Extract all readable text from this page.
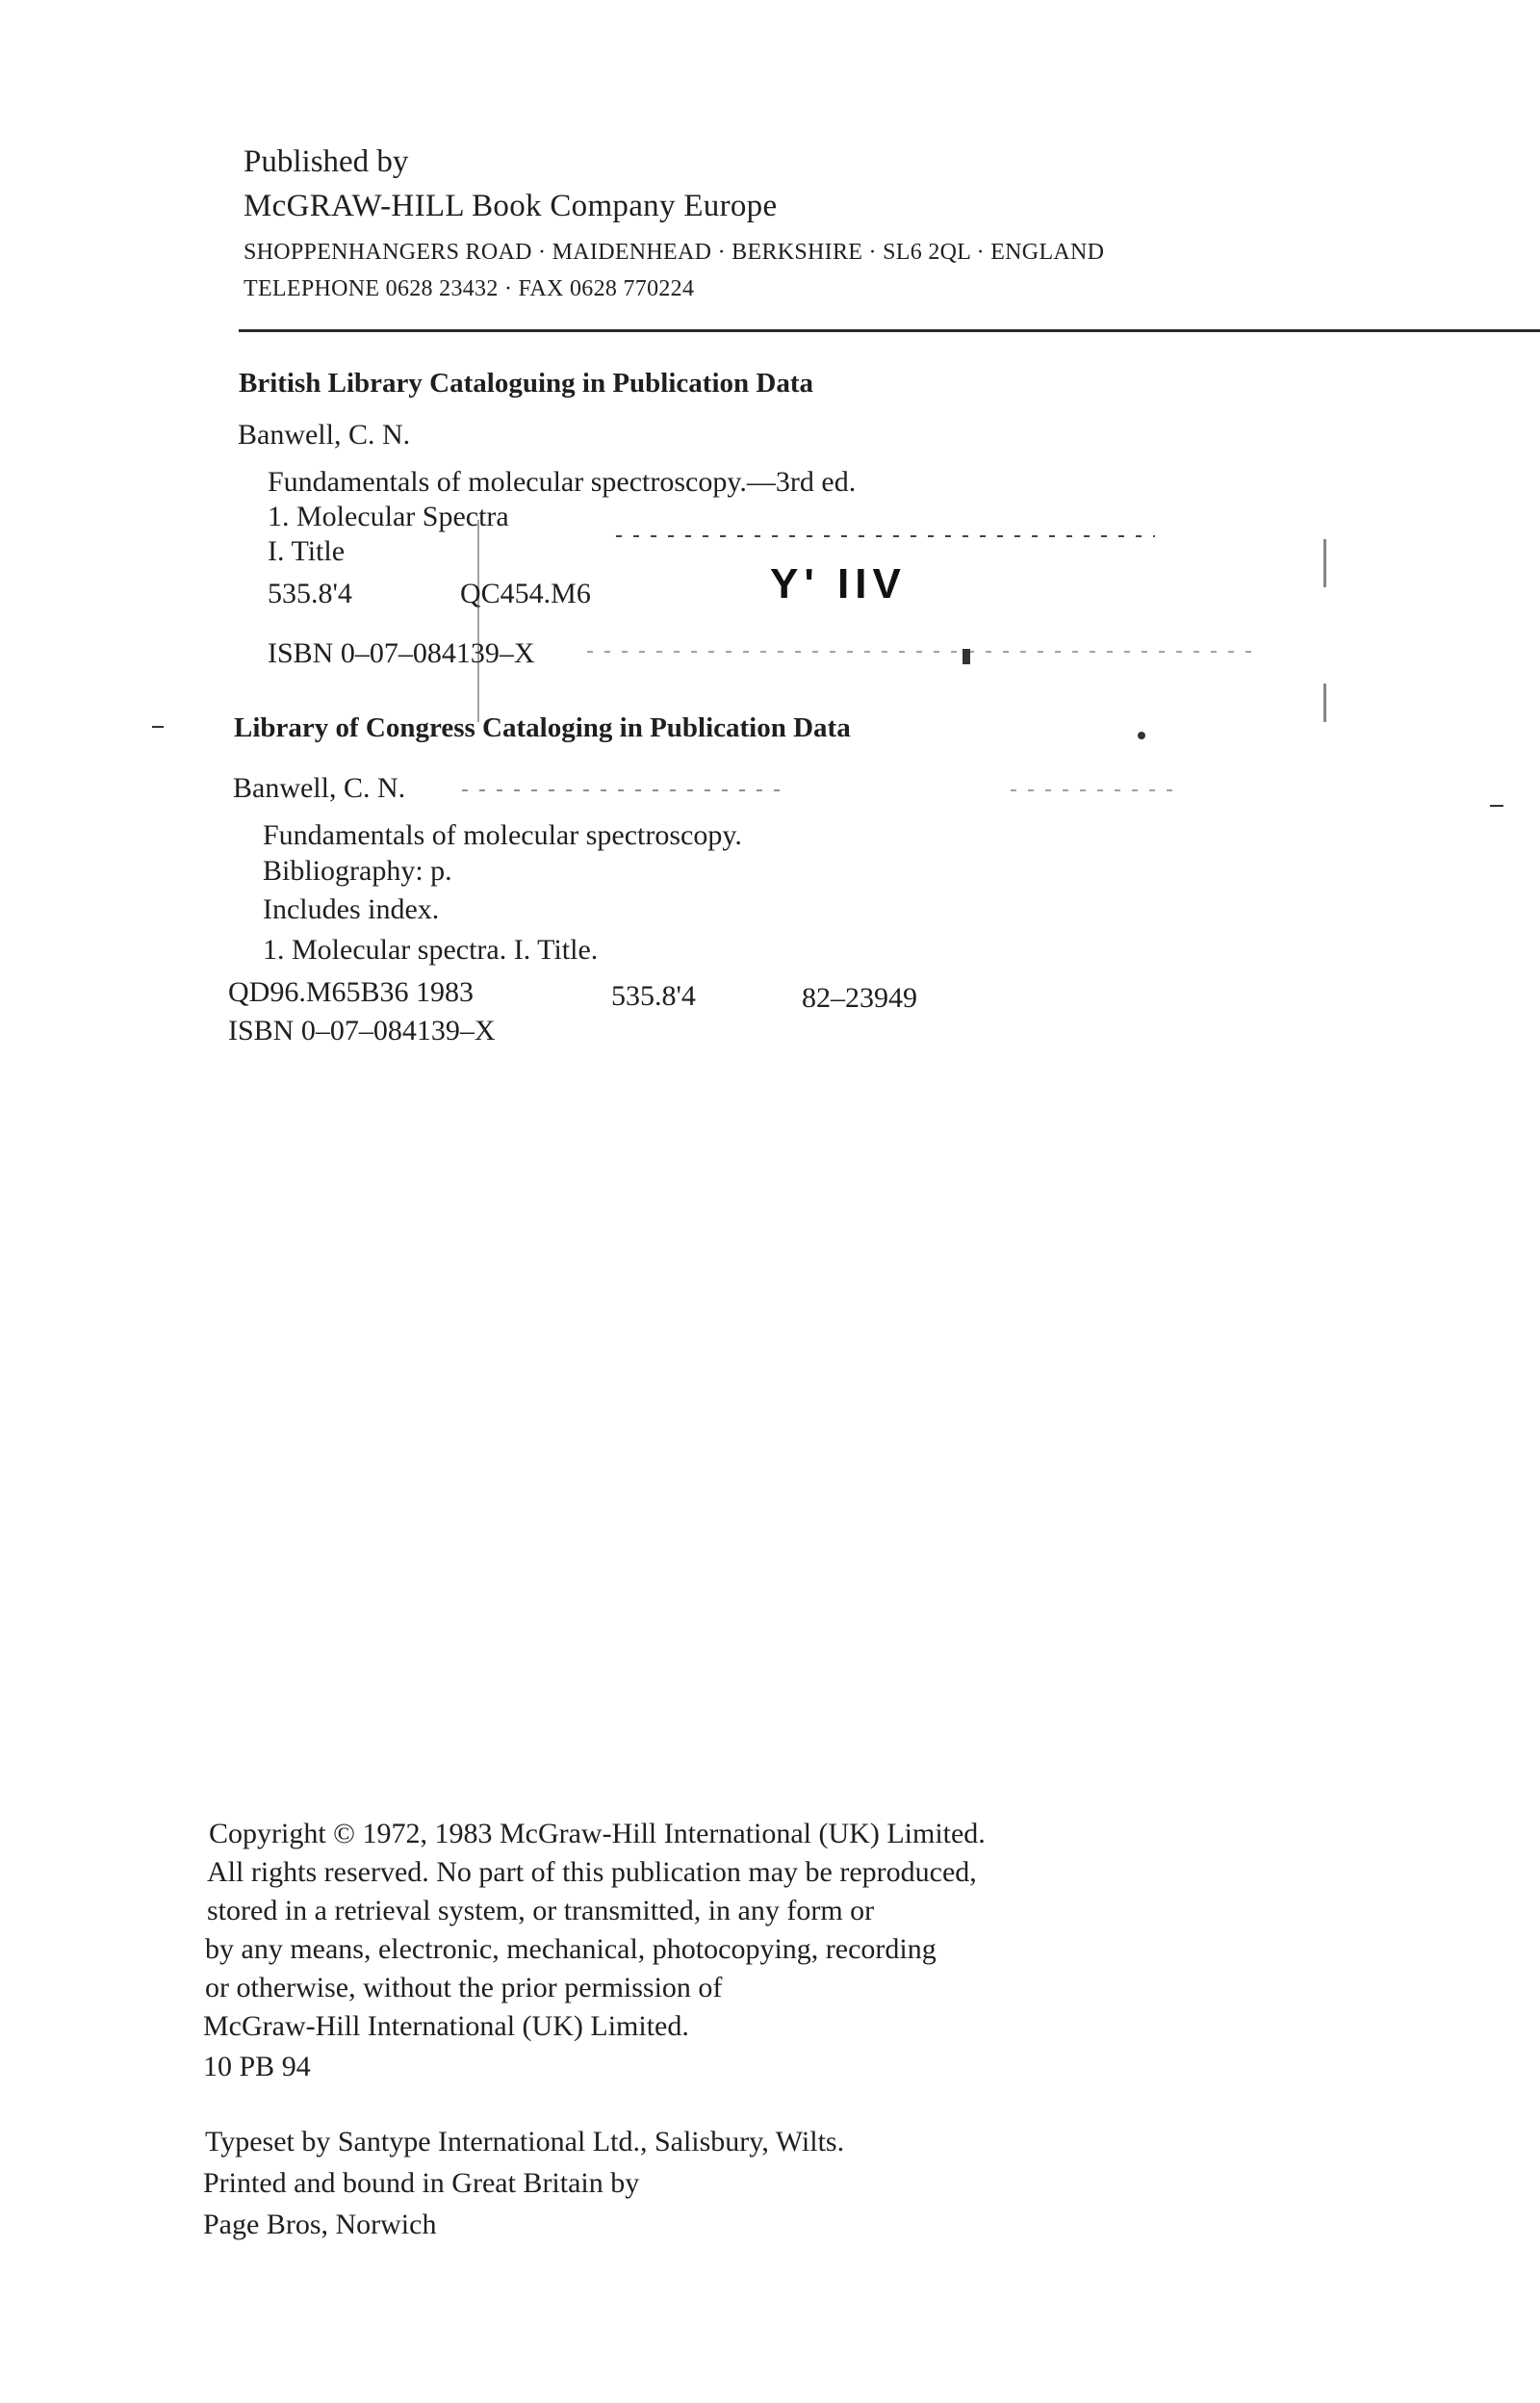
Published by
McGRAW-HILL Book Company Europe
SHOPPENHANGERS ROAD · MAIDENHEAD · BERKSHIRE · SL6 2QL · ENGLAND
TELEPHONE 0628 23432 · FAX 0628 770224
British Library Cataloguing in Publication Data
Banwell, C. N.
Fundamentals of molecular spectroscopy.—3rd ed.
1. Molecular Spectra
I. Title
535.8'4	QC454.M6
ISBN 0–07–084139–X
Library of Congress Cataloging in Publication Data
Banwell, C. N.
Fundamentals of molecular spectroscopy.
Bibliography: p.
Includes index.
1. Molecular spectra. I. Title.
QD96.M65B36 1983	535.8'4	82–23949
ISBN 0–07–084139–X
Y' IIV
Copyright © 1972, 1983 McGraw-Hill International (UK) Limited.
All rights reserved. No part of this publication may be reproduced,
stored in a retrieval system, or transmitted, in any form or
by any means, electronic, mechanical, photocopying, recording
or otherwise, without the prior permission of
McGraw-Hill International (UK) Limited.
10 PB 94
Typeset by Santype International Ltd., Salisbury, Wilts.
Printed and bound in Great Britain by
Page Bros, Norwich
